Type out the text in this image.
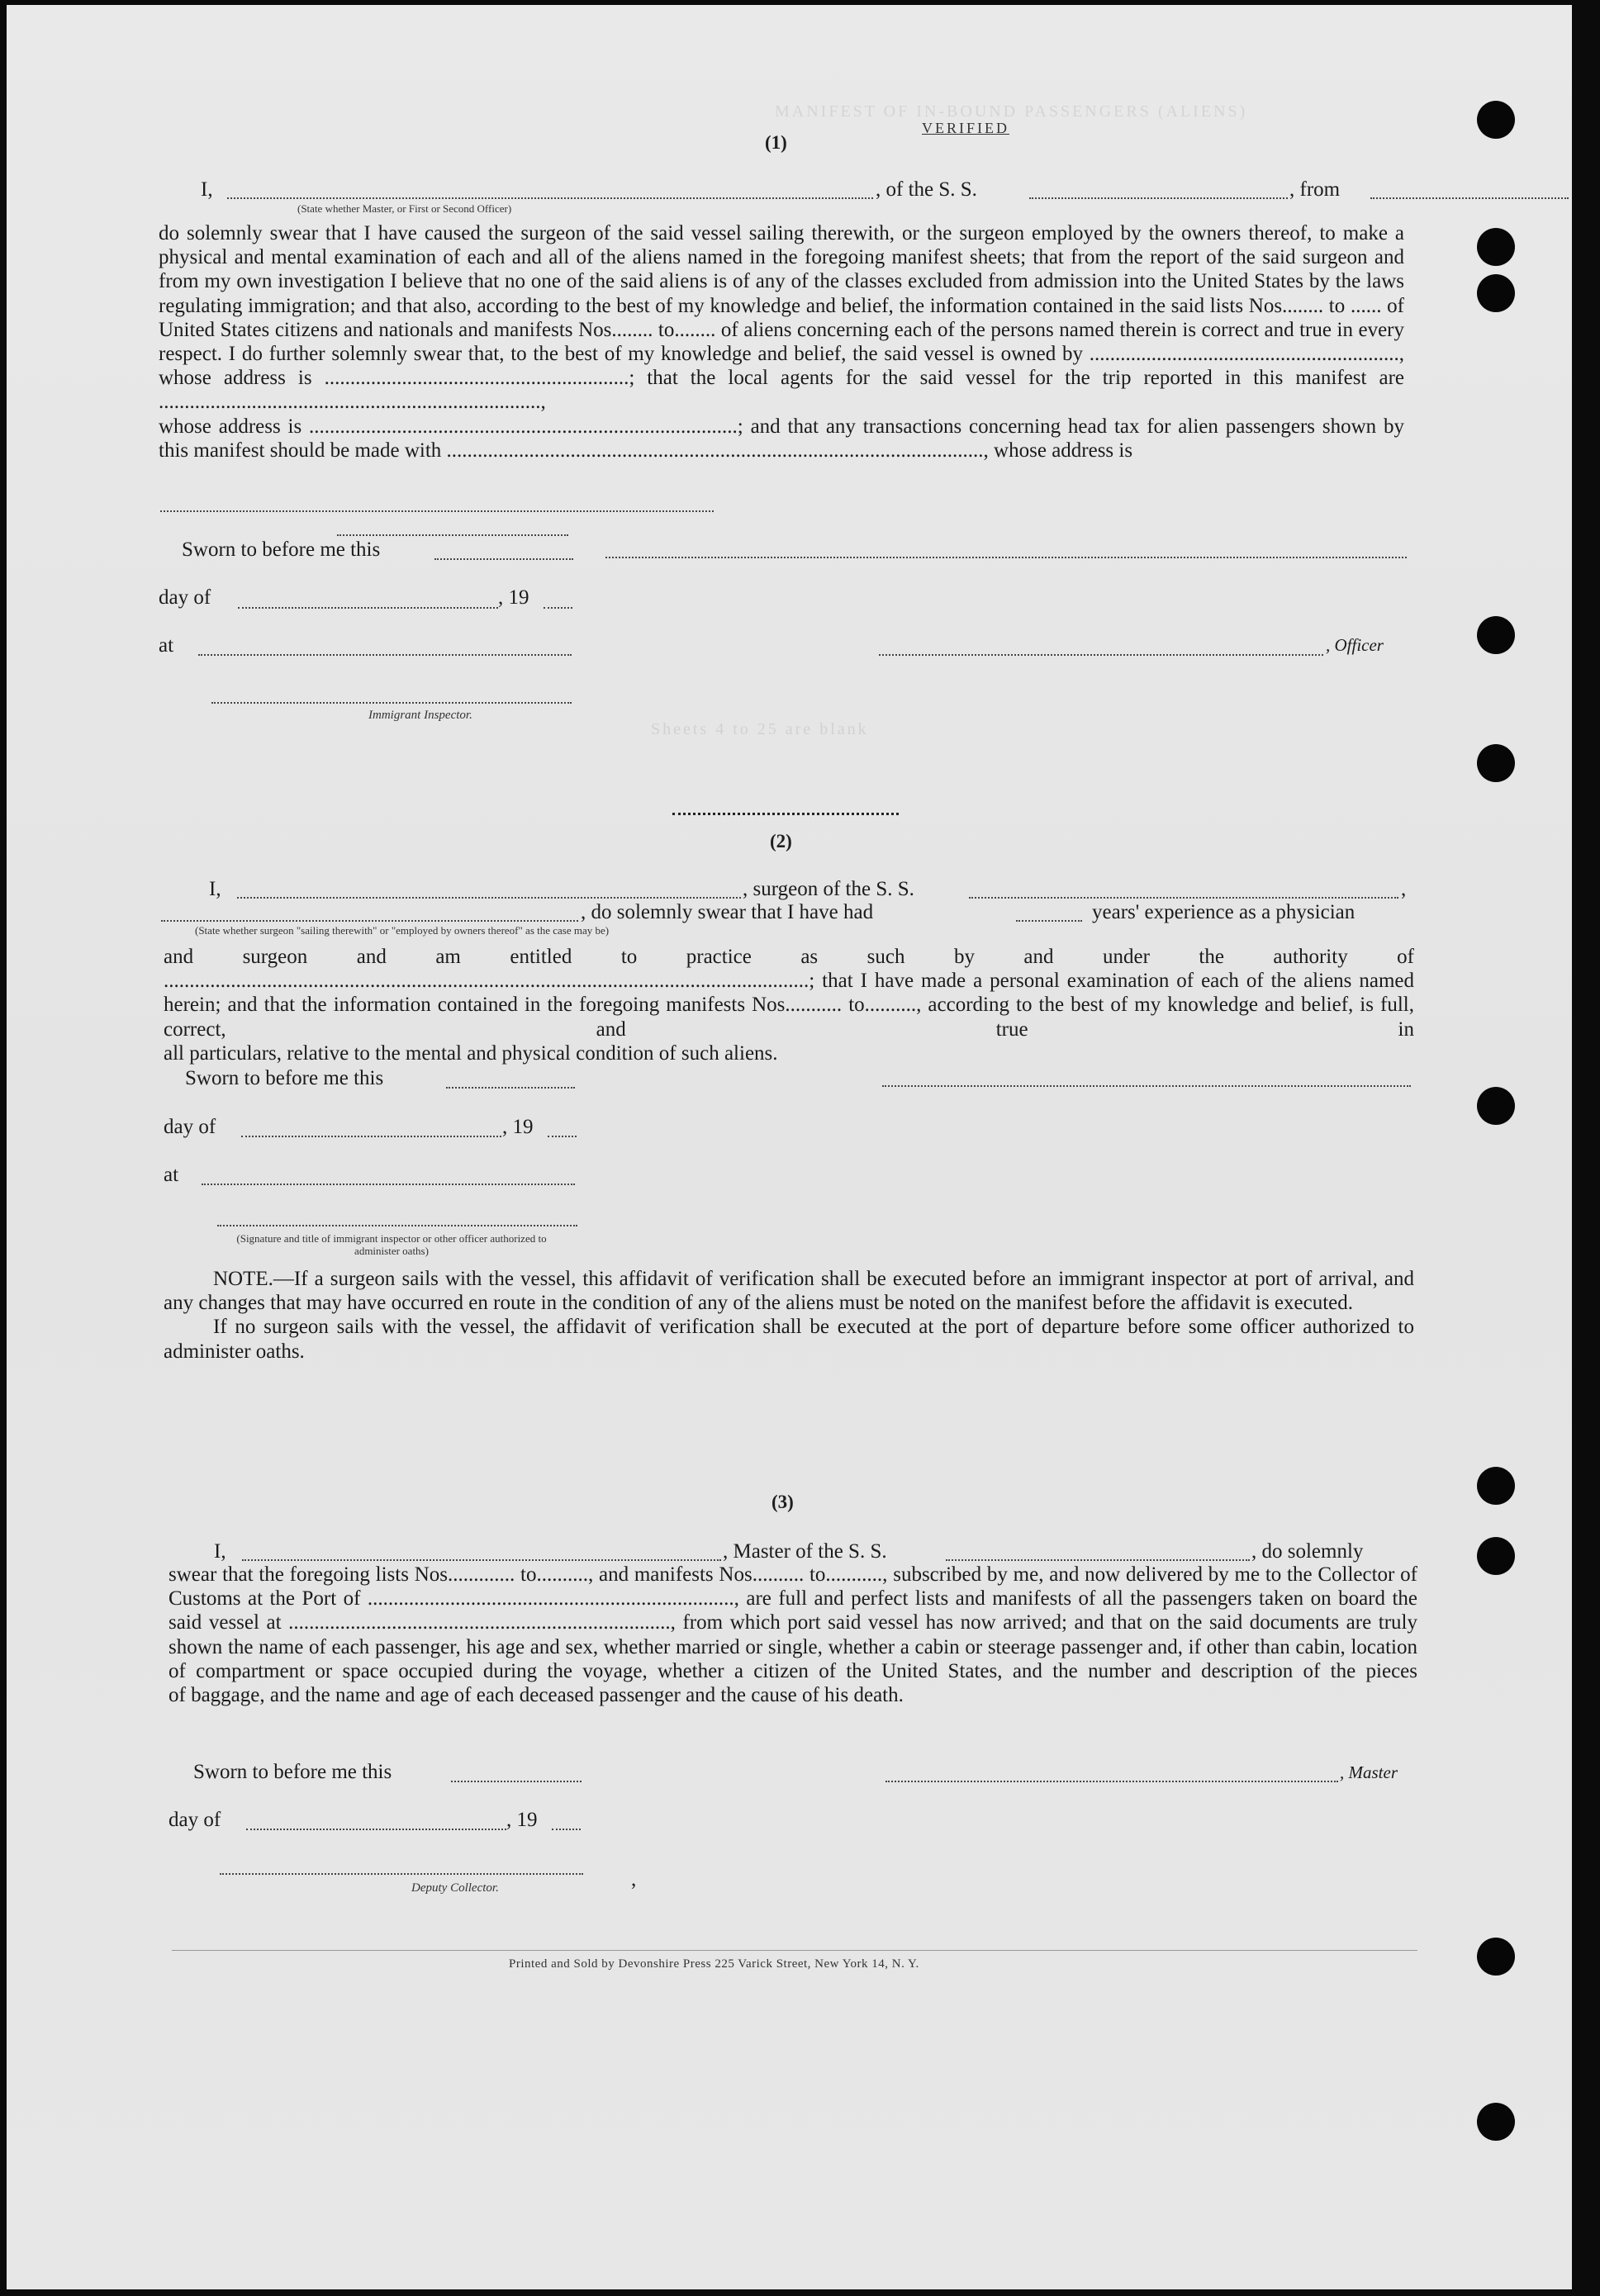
MANIFEST OF IN-BOUND PASSENGERS (ALIENS)
Sheets 4 to 25 are blank
VERIFIED
(1)
I,	, of the S. S.	, from
(State whether Master, or First or Second Officer)
do solemnly swear that I have caused the surgeon of the said vessel sailing therewith, or the surgeon employed by the owners thereof, to make a physical and mental examination of each and all of the aliens named in the foregoing manifest sheets; that from the report of the said surgeon and from my own investigation I believe that no one of the said aliens is of any of the classes excluded from admission into the United States by the laws regulating immigration; and that also, according to the best of my knowledge and belief, the information contained in the said lists Nos........ to ...... of United States citizens and nationals and manifests Nos........ to........ of aliens concerning each of the persons named therein is correct and true in every respect. I do further solemnly swear that, to the best of my knowledge and belief, the said vessel is owned by ............................................................, whose address is ...........................................................; that the local agents for the said vessel for the trip reported in this manifest are ..........................................................................,
whose address is ...................................................................................; and that any transactions concerning head tax for alien passengers shown by this manifest should be made with ........................................................................................................, whose address is
Sworn to before me this
day of	, 19
at	, Officer
Immigrant Inspector.
(2)
I,	, surgeon of the S. S.	,
, do solemnly swear that I have had	years' experience as a physician
(State whether surgeon "sailing therewith" or "employed by owners thereof" as the case may be)
and surgeon and am entitled to practice as such by and under the authority of .............................................................................................................................; that I have made a personal examination of each of the aliens named herein; and that the information contained in the foregoing manifests Nos........... to.........., according to the best of my knowledge and belief, is full, correct, and true in
all particulars, relative to the mental and physical condition of such aliens.
Sworn to before me this
day of	, 19
at
(Signature and title of immigrant inspector or other officer authorized to administer oaths)
NOTE.—If a surgeon sails with the vessel, this affidavit of verification shall be executed before an immigrant inspector at port of arrival, and any changes that may have occurred en route in the condition of any of the aliens must be noted on the manifest before the affidavit is executed.
If no surgeon sails with the vessel, the affidavit of verification shall be executed at the port of departure before some officer authorized to administer oaths.
(3)
I,	, Master of the S. S.	, do solemnly
swear that the foregoing lists Nos............. to.........., and manifests Nos.......... to..........., subscribed by me, and now delivered by me to the Collector of Customs at the Port of ......................................................................., are full and perfect lists and manifests of all the passengers taken on board the said vessel at .........................................................................., from which port said vessel has now arrived; and that on the said documents are truly shown the name of each passenger, his age and sex, whether married or single, whether a cabin or steerage passenger and, if other than cabin, location of compartment or space occupied during the voyage, whether a citizen of the United States, and the number and description of the pieces
of baggage, and the name and age of each deceased passenger and the cause of his death.
Sworn to before me this	, Master
day of	, 19
,
Deputy Collector.
Printed and Sold by Devonshire Press 225 Varick Street, New York 14, N. Y.
